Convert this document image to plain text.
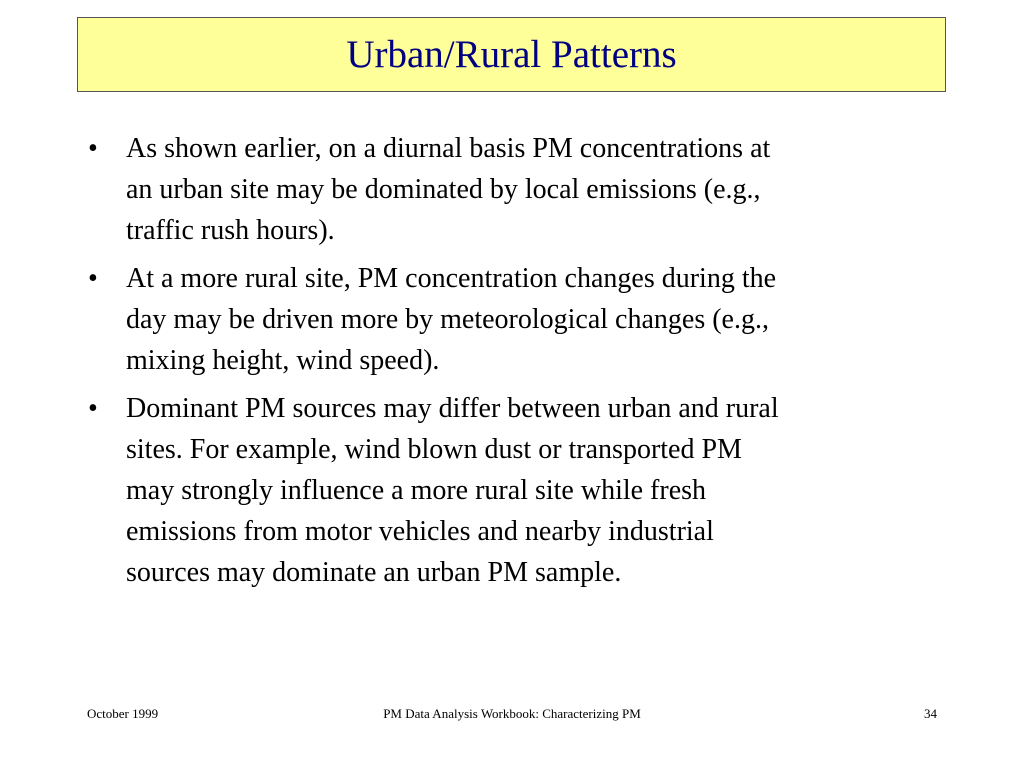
Urban/Rural Patterns
•	As shown earlier, on a diurnal basis PM concentrations at
an urban site may be dominated by local emissions (e.g.,
traffic rush hours).
•	At a more rural site, PM concentration changes during the
day may be driven more by meteorological changes (e.g.,
mixing height, wind speed).
•	Dominant PM sources may differ between urban and rural
sites. For example, wind blown dust or transported PM
may strongly influence a more rural site while fresh
emissions from motor vehicles and nearby industrial
sources may dominate an urban PM sample.
October 1999	PM Data Analysis Workbook: Characterizing PM	34
